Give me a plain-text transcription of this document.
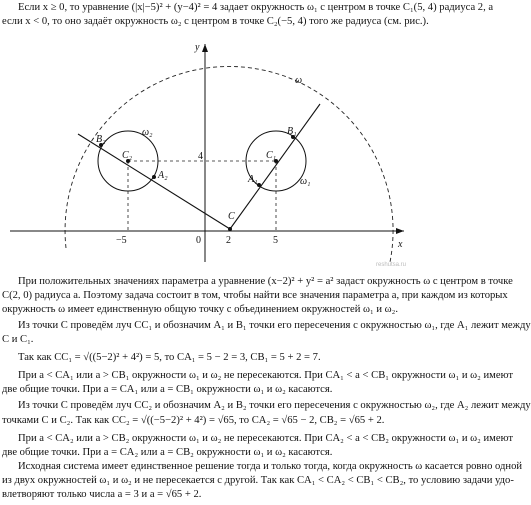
Если x ≥ 0, то уравнение (|x|−5)² + (y−4)² = 4 задает окружность ω₁ с центром в точке C₁(5, 4) радиуса 2, а
если x < 0, то оно задаёт окружность ω₂ с центром в точке C₂(−5, 4) того же радиуса (см. рис.).
x
y
−5	0	2	5
4
ω
ω₁
ω₂
C
C₁
C₂
A₁
A₂
B₁
B₂
reshutsa.ru
При положительных значениях параметра a уравнение (x−2)² + y² = a² задаст окружность ω с центром в точке
C(2, 0) радиуса a. Поэтому задача состоит в том, чтобы найти все значения параметра a, при каждом из которых
окружность ω имеет единственную общую точку с объединением окружностей ω₁ и ω₂.
Из точки C проведём луч CC₁ и обозначим A₁ и B₁ точки его пересечения с окружностью ω₁, где A₁ лежит между
C и C₁.
Так как CC₁ = √((5−2)² + 4²) = 5, то CA₁ = 5 − 2 = 3, CB₁ = 5 + 2 = 7.
При a < CA₁ или a > CB₁ окружности ω₁ и ω₂ не пересекаются. При CA₁ < a < CB₁ окружности ω₁ и ω₂ имеют
две общие точки. При a = CA₁ или a = CB₁ окружности ω₁ и ω₂ касаются.
Из точки C проведём луч CC₂ и обозначим A₂ и B₂ точки его пересечения с окружностью ω₂, где A₂ лежит между
точками C и C₂. Так как CC₂ = √((−5−2)² + 4²) = √65, то CA₂ = √65 − 2, CB₂ = √65 + 2.
При a < CA₂ или a > CB₂ окружности ω₁ и ω₂ не пересекаются. При CA₂ < a < CB₂ окружности ω₁ и ω₂ имеют
две общие точки. При a = CA₂ или a = CB₂ окружности ω₁ и ω₂ касаются.
Исходная система имеет единственное решение тогда и только тогда, когда окружность ω касается ровно одной
из двух окружностей ω₁ и ω₂ и не пересекается с другой. Так как CA₁ < CA₂ < CB₁ < CB₂, то условию задачи удо-
влетворяют только числа a = 3 и a = √65 + 2.
